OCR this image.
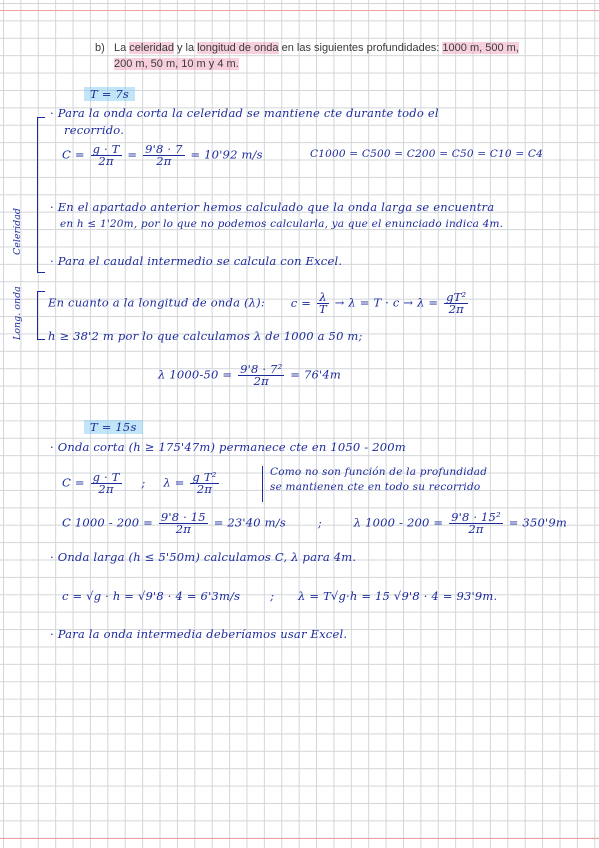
b) La celeridad y la longitud de onda en las siguientes profundidades: 1000 m, 500 m,
200 m, 50 m, 10 m y 4 m.
T = 7s
Celeridad
· Para la onda corta la celeridad se mantiene cte durante todo el
recorrido.
$C = \frac{g \cdot T}{2\pi} = \frac{9'8 \cdot 7}{2\pi} = 10'92$ m/s	C1000 = C500 = C200 = C50 = C10 = C4
· En el apartado anterior hemos calculado que la onda larga se encuentra
en h ≤ 1'20m, por lo que no podemos calcularla, ya que el enunciado indica 4m.
· Para el caudal intermedio se calcula con Excel.
Long. onda En cuanto a la longitud de onda (λ): $c = \frac{\lambda}{T} \to \lambda = T \cdot c \to \lambda = \frac{\text{gT²}}{2\pi}$
h ≥ 38'2 m por lo que calculamos λ de 1000 a 50 m;
λ $1000-50 = \frac{\text{9'8 · 7²}}{2\pi} = 76'4m$
T = 15s
· Onda corta (h ≥ 175'47m) permanece cte en 1050 - 200m
$C = \frac{g \cdot T}{2\pi}$ ; $\lambda = \frac{\text{g T²}}{2\pi}$	Como no son función de la profundidad
se mantienen cte en todo su recorrido
C $1000 - 200 = \frac{9'8 \cdot 15}{2\pi} = 23'40$ m/s	;	λ $1000 - 200 = \frac{\text{9'8 · 15²}}{2\pi} = 350'9m$
· Onda larga (h ≤ 5'50m) calculamos C, λ para 4m.
c = √g · h = √9'8 · 4 = 6'3m/s	; λ = T√g·h = 15 √9'8 · 4 = 93'9m.
· Para la onda intermedia deberíamos usar Excel.
